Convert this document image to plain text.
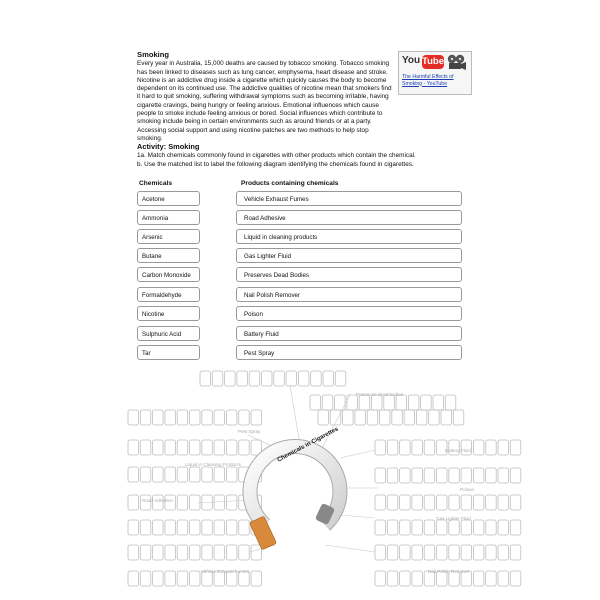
Smoking

Every year in Australia, 15,000 deaths are caused by tobacco smoking. Tobacco smoking has been linked to diseases such as lung cancer, emphysema, heart disease and stroke. Nicotine is an addictive drug inside a cigarette which quickly causes the body to become dependent on its continued use. The addictive qualities of nicotine mean that smokers find it hard to quit smoking, suffering withdrawal symptoms such as becoming irritable, having cigarette cravings, being hungry or feeling anxious. Emotional influences which cause people to smoke include feeling anxious or bored. Social influences which contribute to smoking include being in certain environments such as around friends or at a party. Accessing social support and using nicotine patches are two methods to help stop smoking.

You Tube
The Harmful Effects of Smoking - YouTube
Activity: Smoking
1a. Match chemicals commonly found in cigarettes with other products which contain the chemical.
b. Use the matched list to label the following diagram identifying the chemicals found in cigarettes.
Chemicals	Products containing chemicals
Acetone
Ammonia
Arsenic
Butane
Carbon Monoxide
Formaldehyde
Nicotine
Sulphuric Acid
Tar
Vehicle Exhaust Fumes
Road Adhesive
Liquid in cleaning products
Gas Lighter Fluid
Preserves Dead Bodies
Nail Polish Remover
Poison
Battery Fluid
Pest Spray
Chemicals in Cigarettes
Preserves dead bodies
Pest Spray
Liquid in Cleaning Products
Battery Fluid
Poison
Road Adhesive
Gas Lighter Fluid
Vehicle Exhaust Fumes	Nail Polish Remover
